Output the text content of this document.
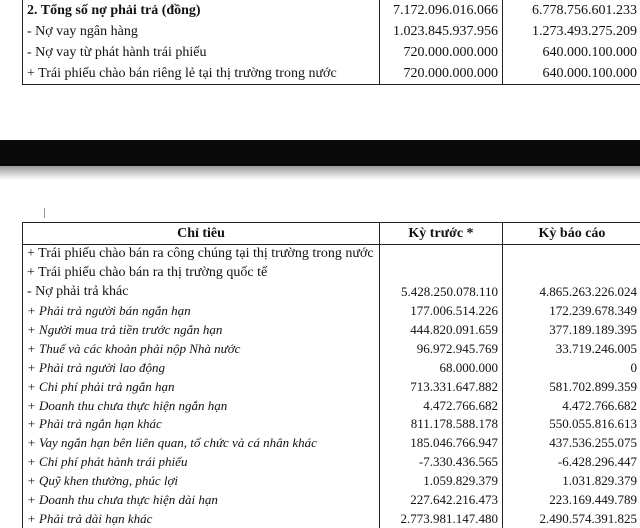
2. Tổng số nợ phải trả (đồng)	7.172.096.016.066	6.778.756.601.233
- Nợ vay ngân hàng	1.023.845.937.956	1.273.493.275.209
- Nợ vay từ phát hành trái phiếu	720.000.000.000	640.000.100.000
+ Trái phiếu chào bán riêng lẻ tại thị trường trong nước	720.000.000.000	640.000.100.000
Chỉ tiêu	Kỳ trước *	Kỳ báo cáo
+ Trái phiếu chào bán ra công chúng tại thị trường trong nước		
+ Trái phiếu chào bán ra thị trường quốc tế		
- Nợ phải trả khác	5.428.250.078.110	4.865.263.226.024
+ Phải trả người bán ngắn hạn	177.006.514.226	172.239.678.349
+ Người mua trả tiền trước ngắn hạn	444.820.091.659	377.189.189.395
+ Thuế và các khoản phải nộp Nhà nước	96.972.945.769	33.719.246.005
+ Phải trả người lao động	68.000.000	0
+ Chi phí phải trả ngắn hạn	713.331.647.882	581.702.899.359
+ Doanh thu chưa thực hiện ngắn hạn	4.472.766.682	4.472.766.682
+ Phải trả ngắn hạn khác	811.178.588.178	550.055.816.613
+ Vay ngắn hạn bên liên quan, tổ chức và cá nhân khác	185.046.766.947	437.536.255.075
+ Chi phí phát hành trái phiếu	-7.330.436.565	-6.428.296.447
+ Quỹ khen thưởng, phúc lợi	1.059.829.379	1.031.829.379
+ Doanh thu chưa thực hiện dài hạn	227.642.216.473	223.169.449.789
+ Phải trả dài hạn khác	2.773.981.147.480	2.490.574.391.825
